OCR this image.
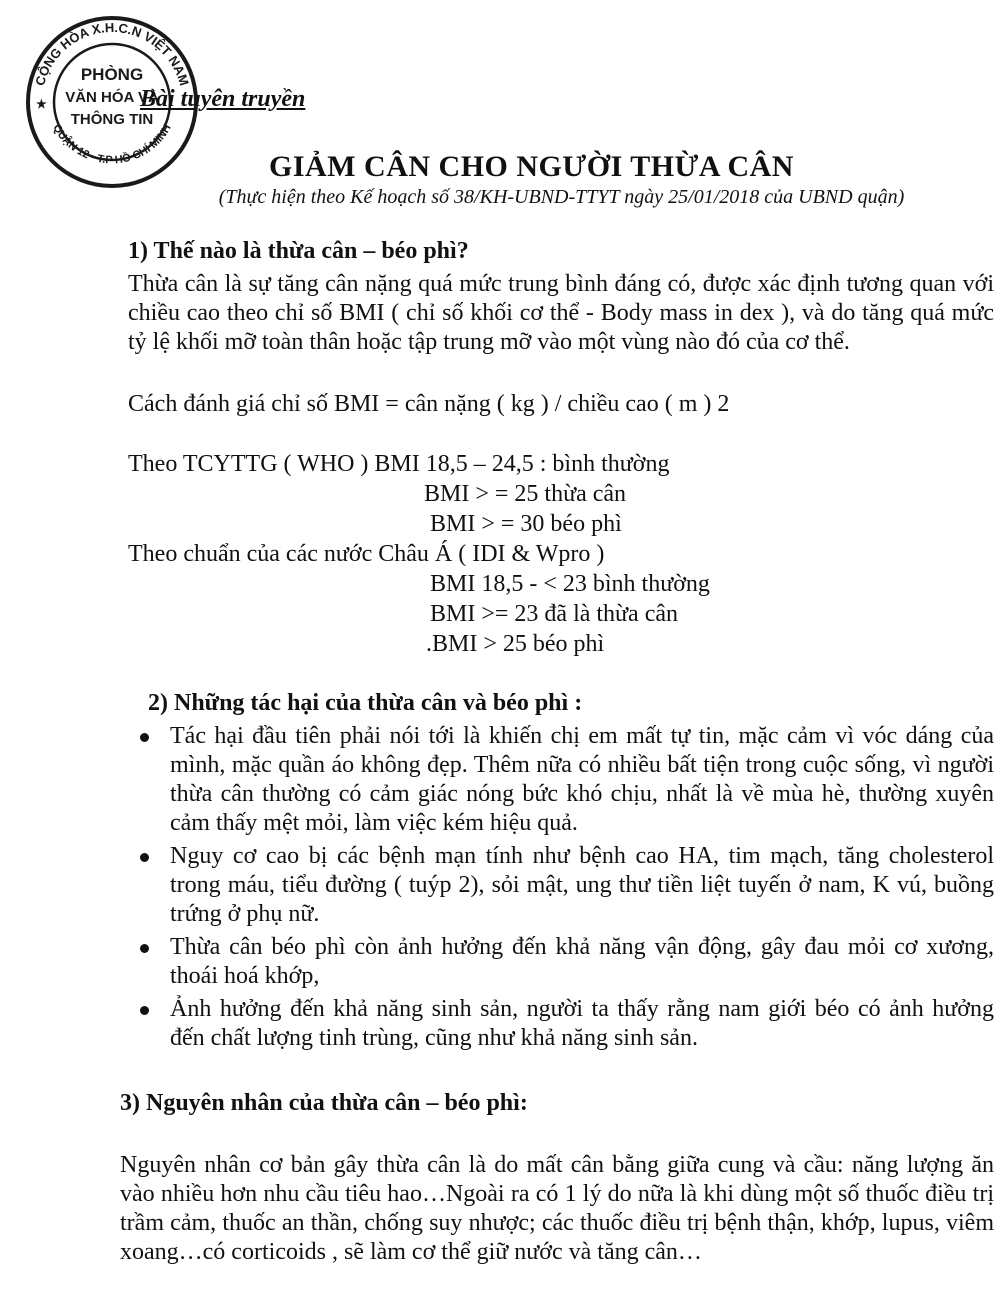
CỘNG HÒA X.H.C.N VIỆT NAM
QUẬN 12 - T.P HỒ CHÍ MINH
★
PHÒNG
VĂN HÓA VÀ
THÔNG TIN
Bài tuyên truyền
GIẢM CÂN CHO NGƯỜI THỪA CÂN
(Thực hiện theo Kế hoạch số 38/KH-UBND-TTYT ngày 25/01/2018 của UBND quận)
1) Thế nào là thừa cân – béo phì?
Thừa cân là sự tăng cân nặng quá mức trung bình đáng có, được xác định tương quan với chiều cao theo chỉ số BMI ( chỉ số khối cơ thể - Body mass in dex ), và do tăng quá mức tỷ lệ khối mỡ toàn thân hoặc tập trung mỡ vào một vùng nào đó của cơ thể.
Cách đánh giá chỉ số BMI = cân nặng ( kg ) / chiều cao ( m ) 2
Theo TCYTTG ( WHO ) BMI 18,5 – 24,5 : bình thường
BMI > = 25 thừa cân
BMI > = 30 béo phì
Theo chuẩn của các nước Châu Á ( IDI & Wpro )
BMI 18,5 - < 23 bình thường
BMI >= 23 đã là thừa cân
.BMI > 25 béo phì
2) Những tác hại của thừa cân và béo phì :
Tác hại đầu tiên phải nói tới là khiến chị em mất tự tin, mặc cảm vì vóc dáng của mình, mặc quần áo không đẹp. Thêm nữa có nhiều bất tiện trong cuộc sống, vì người thừa cân thường có cảm giác nóng bức khó chịu, nhất là về mùa hè, thường xuyên cảm thấy mệt mỏi, làm việc kém hiệu quả.
Nguy cơ cao bị các bệnh mạn tính như bệnh cao HA, tim mạch, tăng cholesterol trong máu, tiểu đường ( tuýp 2), sỏi mật, ung thư tiền liệt tuyến ở nam, K vú, buồng trứng ở phụ nữ.
Thừa cân béo phì còn ảnh hưởng đến khả năng vận động, gây đau mỏi cơ xương, thoái hoá khớp,
Ảnh hưởng đến khả năng sinh sản, người ta thấy rằng nam giới béo có ảnh hưởng đến chất lượng tinh trùng, cũng như khả năng sinh sản.
3) Nguyên nhân của thừa cân – béo phì:
Nguyên nhân cơ bản gây thừa cân là do mất cân bằng giữa cung và cầu: năng lượng ăn vào nhiều hơn nhu cầu tiêu hao…Ngoài ra có 1 lý do nữa là khi dùng một số thuốc điều trị trầm cảm, thuốc an thần, chống suy nhược; các thuốc điều trị bệnh thận, khớp, lupus, viêm xoang…có corticoids , sẽ làm cơ thể giữ nước và tăng cân…
